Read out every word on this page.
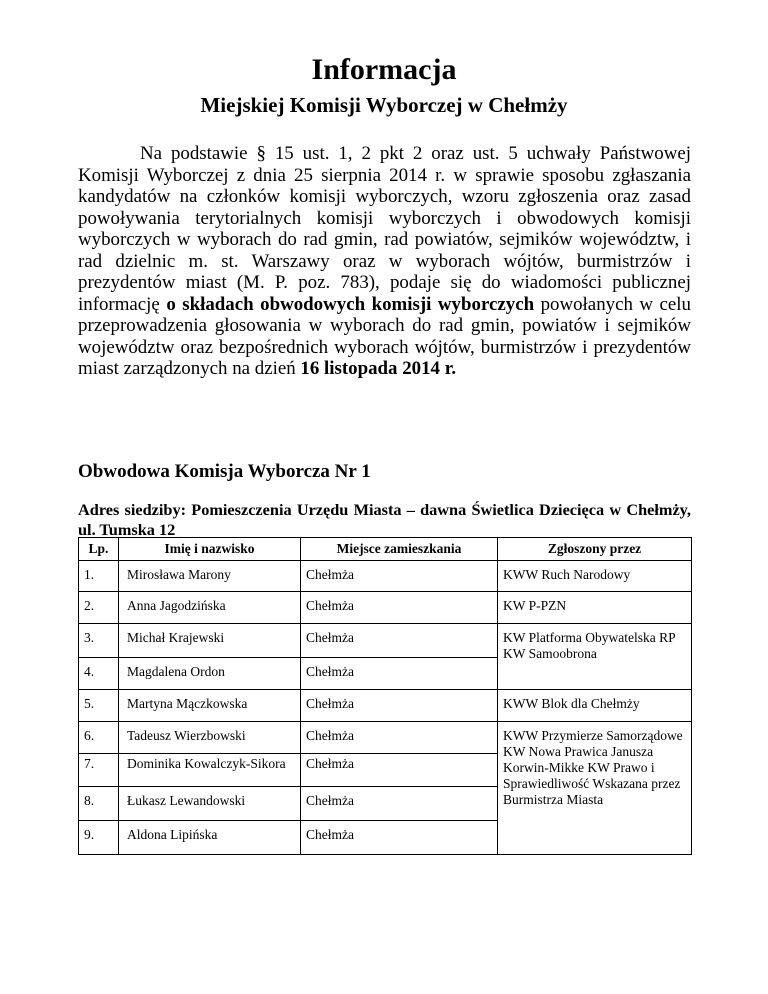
Informacja
Miejskiej Komisji Wyborczej w Chełmży

Na podstawie § 15 ust. 1, 2 pkt 2 oraz ust. 5 uchwały Państwowej Komisji Wyborczej z dnia 25 sierpnia 2014 r. w sprawie sposobu zgłaszania kandydatów na członków komisji wyborczych, wzoru zgłoszenia oraz zasad powoływania terytorialnych komisji wyborczych i obwodowych komisji wyborczych w wyborach do rad gmin, rad powiatów, sejmików województw, i rad dzielnic m. st. Warszawy oraz w wyborach wójtów, burmistrzów i prezydentów miast (M. P. poz. 783), podaje się do wiadomości publicznej informację o składach obwodowych komisji wyborczych powołanych w celu przeprowadzenia głosowania w wyborach do rad gmin, powiatów i sejmików województw oraz bezpośrednich wyborach wójtów, burmistrzów i prezydentów miast zarządzonych na dzień 16 listopada 2014 r.

Obwodowa Komisja Wyborcza Nr 1

Adres siedziby: Pomieszczenia Urzędu Miasta – dawna Świetlica Dziecięca w Chełmży, ul. Tumska 12

Lp.	Imię i nazwisko	Miejsce zamieszkania	Zgłoszony przez
1.	Mirosława Marony	Chełmża	KWW Ruch Narodowy
2.	Anna Jagodzińska	Chełmża	KW P-PZN
3.	Michał Krajewski	Chełmża	KW Platforma Obywatelska RP KW Samoobrona
4.	Magdalena Ordon	Chełmża	
5.	Martyna Mączkowska	Chełmża	KWW Blok dla Chełmży
6.	Tadeusz Wierzbowski	Chełmża	KWW Przymierze Samorządowe KW Nowa Prawica Janusza Korwin-Mikke KW Prawo i Sprawiedliwość Wskazana przez Burmistrza Miasta
7.	Dominika Kowalczyk-Sikora	Chełmża	
8.	Łukasz Lewandowski	Chełmża	
9.	Aldona Lipińska	Chełmża	
